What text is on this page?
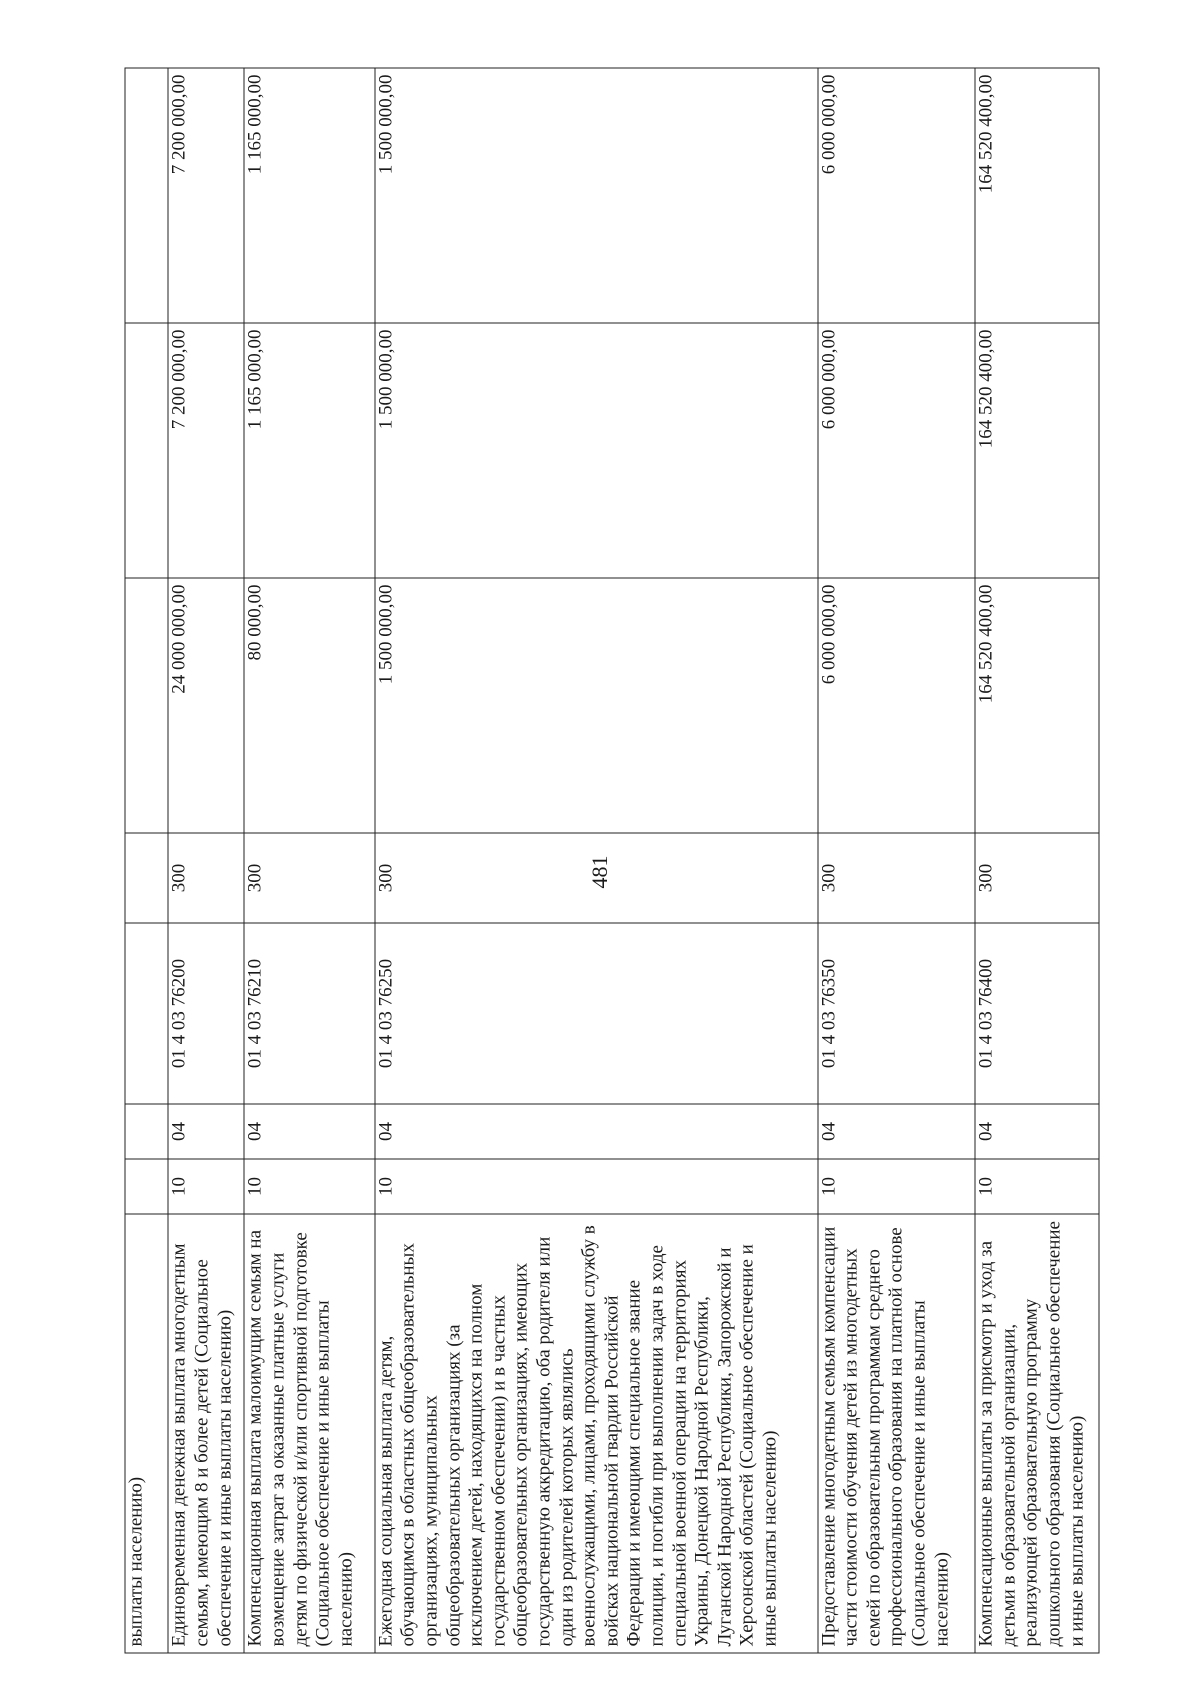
481
выплаты населению)							
Единовременная денежная выплата многодетным семьям, имеющим 8 и более детей (Социальное обеспечение и иные выплаты населению)	10	04	01 4 03 76200	300	24 000 000,00	7 200 000,00	7 200 000,00
Компенсационная выплата малоимущим семьям на возмещение затрат за оказанные платные услуги детям по физической и/или спортивной подготовке (Социальное обеспечение и иные выплаты населению)	10	04	01 4 03 76210	300	80 000,00	1 165 000,00	1 165 000,00
Ежегодная социальная выплата детям, обучающимся в областных общеобразовательных организациях, муниципальных общеобразовательных организациях (за исключением детей, находящихся на полном государственном обеспечении) и в частных общеобразовательных организациях, имеющих государственную аккредитацию, оба родителя или один из родителей которых являлись военнослужащими, лицами, проходящими службу в войсках национальной гвардии Российской Федерации и имеющими специальное звание полиции, и погибли при выполнении задач в ходе специальной военной операции на территориях Украины, Донецкой Народной Республики, Луганской Народной Республики, Запорожской и Херсонской областей (Социальное обеспечение и иные выплаты населению)	10	04	01 4 03 76250	300	1 500 000,00	1 500 000,00	1 500 000,00
Предоставление многодетным семьям компенсации части стоимости обучения детей из многодетных семей по образовательным программам среднего профессионального образования на платной основе (Социальное обеспечение и иные выплаты населению)	10	04	01 4 03 76350	300	6 000 000,00	6 000 000,00	6 000 000,00
Компенсационные выплаты за присмотр и уход за детьми в образовательной организации, реализующей образовательную программу дошкольного образования (Социальное обеспечение и иные выплаты населению)	10	04	01 4 03 76400	300	164 520 400,00	164 520 400,00	164 520 400,00
